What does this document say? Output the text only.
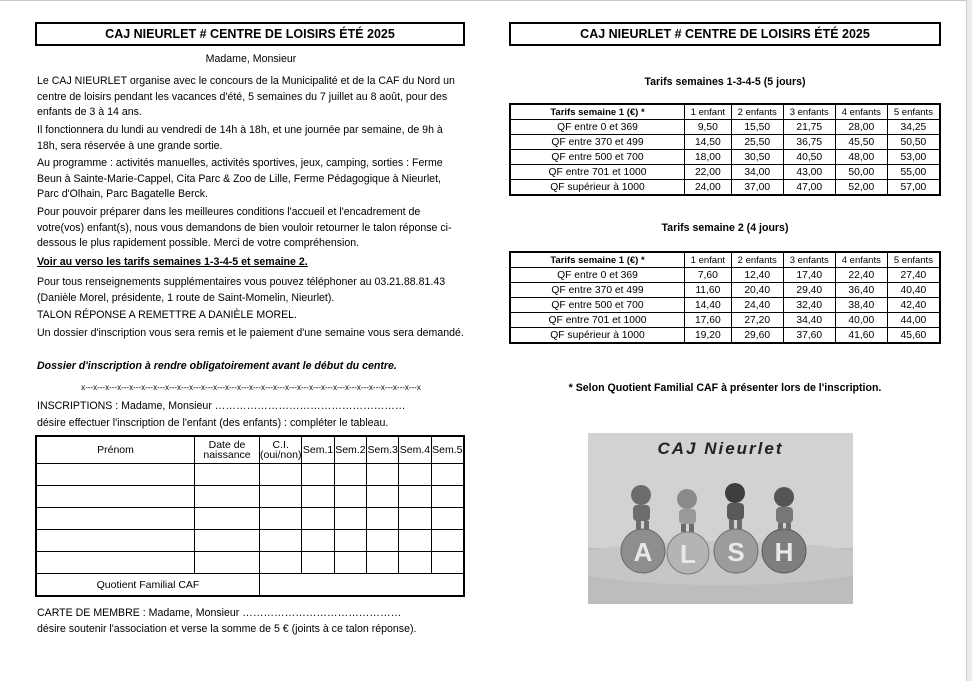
CAJ NIEURLET # CENTRE DE LOISIRS ÉTÉ 2025
Madame, Monsieur
Le CAJ NIEURLET organise avec le concours de la Municipalité et de la CAF du Nord un centre de loisirs pendant les vacances d'été, 5 semaines du 7 juillet au 8 août, pour des enfants de 3 à 14 ans.
Il fonctionnera du lundi au vendredi de 14h à 18h, et une journée par semaine, de 9h à 18h, sera réservée à une grande sortie.
Au programme : activités manuelles, activités sportives, jeux, camping, sorties : Ferme Beun à Sainte-Marie-Cappel, Cita Parc & Zoo de Lille, Ferme Pédagogique à Nieurlet, Parc d'Olhain, Parc Bagatelle Berck.
Pour pouvoir préparer dans les meilleures conditions l'accueil et l'encadrement de votre(vos) enfant(s), nous vous demandons de bien vouloir retourner le talon réponse ci-dessous le plus rapidement possible. Merci de votre compréhension.
Voir au verso les tarifs semaines 1-3-4-5 et semaine 2.
Pour tous renseignements supplémentaires vous pouvez téléphoner au 03.21.88.81.43 (Danièle Morel, présidente, 1 route de Saint-Momelin, Nieurlet).
TALON RÉPONSE A REMETTRE A DANIÈLE MOREL.
Un dossier d'inscription vous sera remis et le paiement d'une semaine vous sera demandé.
Dossier d'inscription à rendre obligatoirement avant le début du centre.
x---x---x---x---x---x---x---x---x---x---x---x---x---x---x---x---x---x---x---x---x---x---x---x---x---x---x---x---x
INSCRIPTIONS : Madame, Monsieur ………………………………………………
désire effectuer l'inscription de l'enfant (des enfants) : compléter le tableau.
Prénom	Date de naissance	C.I. (oui/non)	Sem.1	Sem.2	Sem.3	Sem.4	Sem.5

Quotient Familial CAF							
CARTE DE MEMBRE : Madame, Monsieur ………………………………………
désire soutenir l'association et verse la somme de 5 € (joints à ce talon réponse).
CAJ NIEURLET # CENTRE DE LOISIRS ÉTÉ 2025
Tarifs semaines 1-3-4-5 (5 jours)
Tarifs semaine 1 (€) *	1 enfant	2 enfants	3 enfants	4 enfants	5 enfants
QF entre 0 et 369	9,50	15,50	21,75	28,00	34,25
QF entre 370 et 499	14,50	25,50	36,75	45,50	50,50
QF entre 500 et 700	18,00	30,50	40,50	48,00	53,00
QF entre 701 et 1000	22,00	34,00	43,00	50,00	55,00
QF supérieur à 1000	24,00	37,00	47,00	52,00	57,00
Tarifs semaine 2 (4 jours)
Tarifs semaine 1 (€) *	1 enfant	2 enfants	3 enfants	4 enfants	5 enfants
QF entre 0 et 369	7,60	12,40	17,40	22,40	27,40
QF entre 370 et 499	11,60	20,40	29,40	36,40	40,40
QF entre 500 et 700	14,40	24,40	32,40	38,40	42,40
QF entre 701 et 1000	17,60	27,20	34,40	40,00	44,00
QF supérieur à 1000	19,20	29,60	37,60	41,60	45,60
* Selon Quotient Familial CAF à présenter lors de l'inscription.
A L S H
CAJ Nieurlet
